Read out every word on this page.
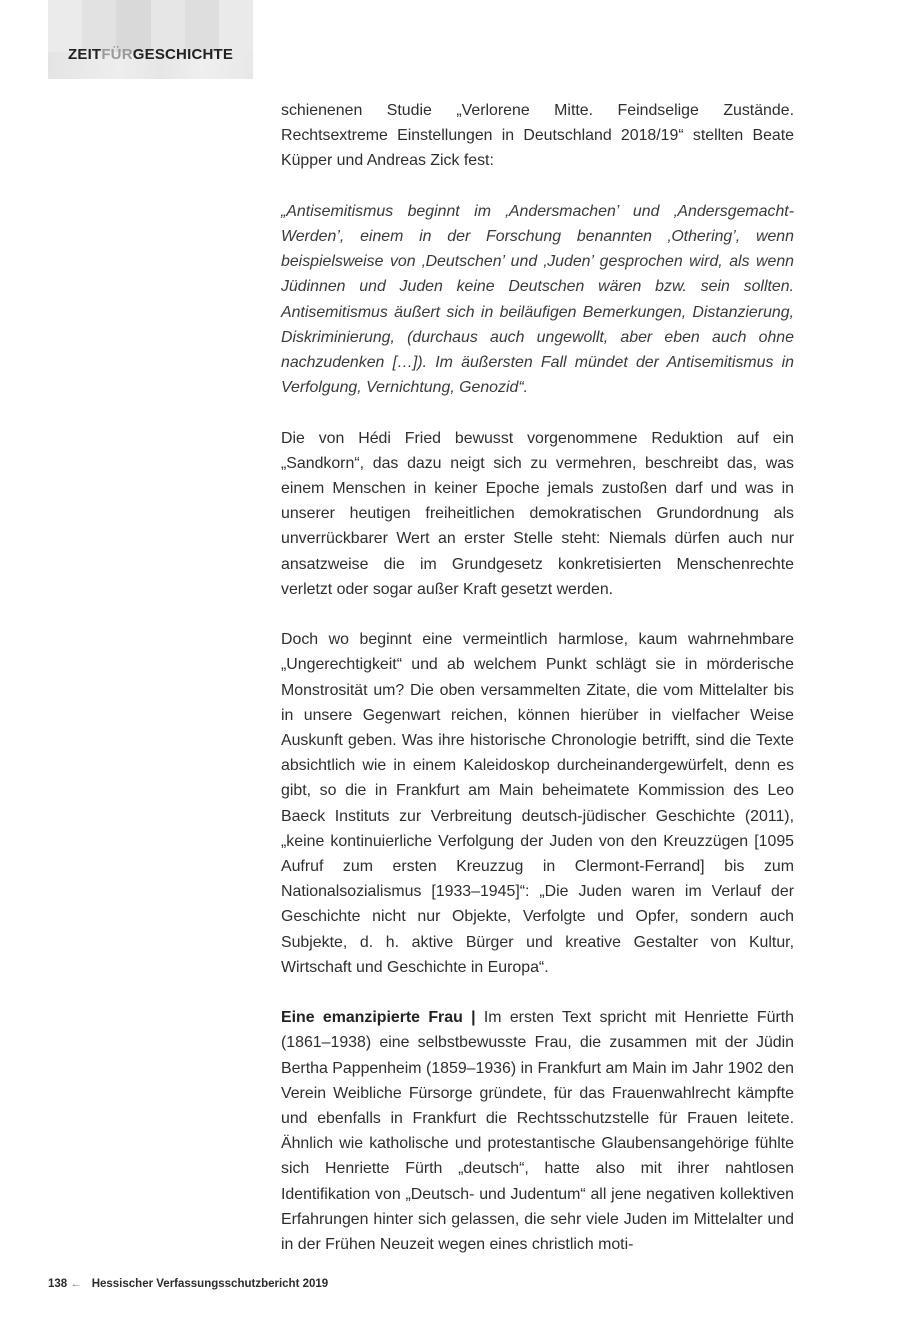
ZEITFÜRGESCHICHTE

schienenen Studie „Verlorene Mitte. Feindselige Zustände. Rechtsextreme Einstellungen in Deutschland 2018/19“ stellten Beate Küpper und Andreas Zick fest:

„Antisemitismus beginnt im ‚Andersmachen’ und ‚Andersgemacht-Werden’, einem in der Forschung benannten ‚Othering’, wenn beispielsweise von ‚Deutschen’ und ‚Juden’ gesprochen wird, als wenn Jüdinnen und Juden keine Deutschen wären bzw. sein sollten. Antisemitismus äußert sich in beiläufigen Bemerkungen, Distanzierung, Diskriminierung, (durchaus auch ungewollt, aber eben auch ohne nachzudenken […]). Im äußersten Fall mündet der Antisemitismus in Verfolgung, Vernichtung, Genozid“.

Die von Hédi Fried bewusst vorgenommene Reduktion auf ein „Sandkorn“, das dazu neigt sich zu vermehren, beschreibt das, was einem Menschen in keiner Epoche jemals zustoßen darf und was in unserer heutigen freiheitlichen demokratischen Grundordnung als unverrückbarer Wert an erster Stelle steht: Niemals dürfen auch nur ansatzweise die im Grundgesetz konkretisierten Menschenrechte verletzt oder sogar außer Kraft gesetzt werden.

Doch wo beginnt eine vermeintlich harmlose, kaum wahrnehmbare „Ungerechtigkeit“ und ab welchem Punkt schlägt sie in mörderische Monstrosität um? Die oben versammelten Zitate, die vom Mittelalter bis in unsere Gegenwart reichen, können hierüber in vielfacher Weise Auskunft geben. Was ihre historische Chronologie betrifft, sind die Texte absichtlich wie in einem Kaleidoskop durcheinandergewürfelt, denn es gibt, so die in Frankfurt am Main beheimatete Kommission des Leo Baeck Instituts zur Verbreitung deutsch-jüdischer Geschichte (2011), „keine kontinuierliche Verfolgung der Juden von den Kreuzzügen [1095 Aufruf zum ersten Kreuzzug in Clermont-Ferrand] bis zum Nationalsozialismus [1933–1945]“: „Die Juden waren im Verlauf der Geschichte nicht nur Objekte, Verfolgte und Opfer, sondern auch Subjekte, d. h. aktive Bürger und kreative Gestalter von Kultur, Wirtschaft und Geschichte in Europa“.

Eine emanzipierte Frau | Im ersten Text spricht mit Henriette Fürth (1861–1938) eine selbstbewusste Frau, die zusammen mit der Jüdin Bertha Pappenheim (1859–1936) in Frankfurt am Main im Jahr 1902 den Verein Weibliche Fürsorge gründete, für das Frauenwahlrecht kämpfte und ebenfalls in Frankfurt die Rechtsschutzstelle für Frauen leitete. Ähnlich wie katholische und protestantische Glaubensangehörige fühlte sich Henriette Fürth „deutsch“, hatte also mit ihrer nahtlosen Identifikation von „Deutsch- und Judentum“ all jene negativen kollektiven Erfahrungen hinter sich gelassen, die sehr viele Juden im Mittelalter und in der Frühen Neuzeit wegen eines christlich moti-

138 ← Hessischer Verfassungsschutzbericht 2019
